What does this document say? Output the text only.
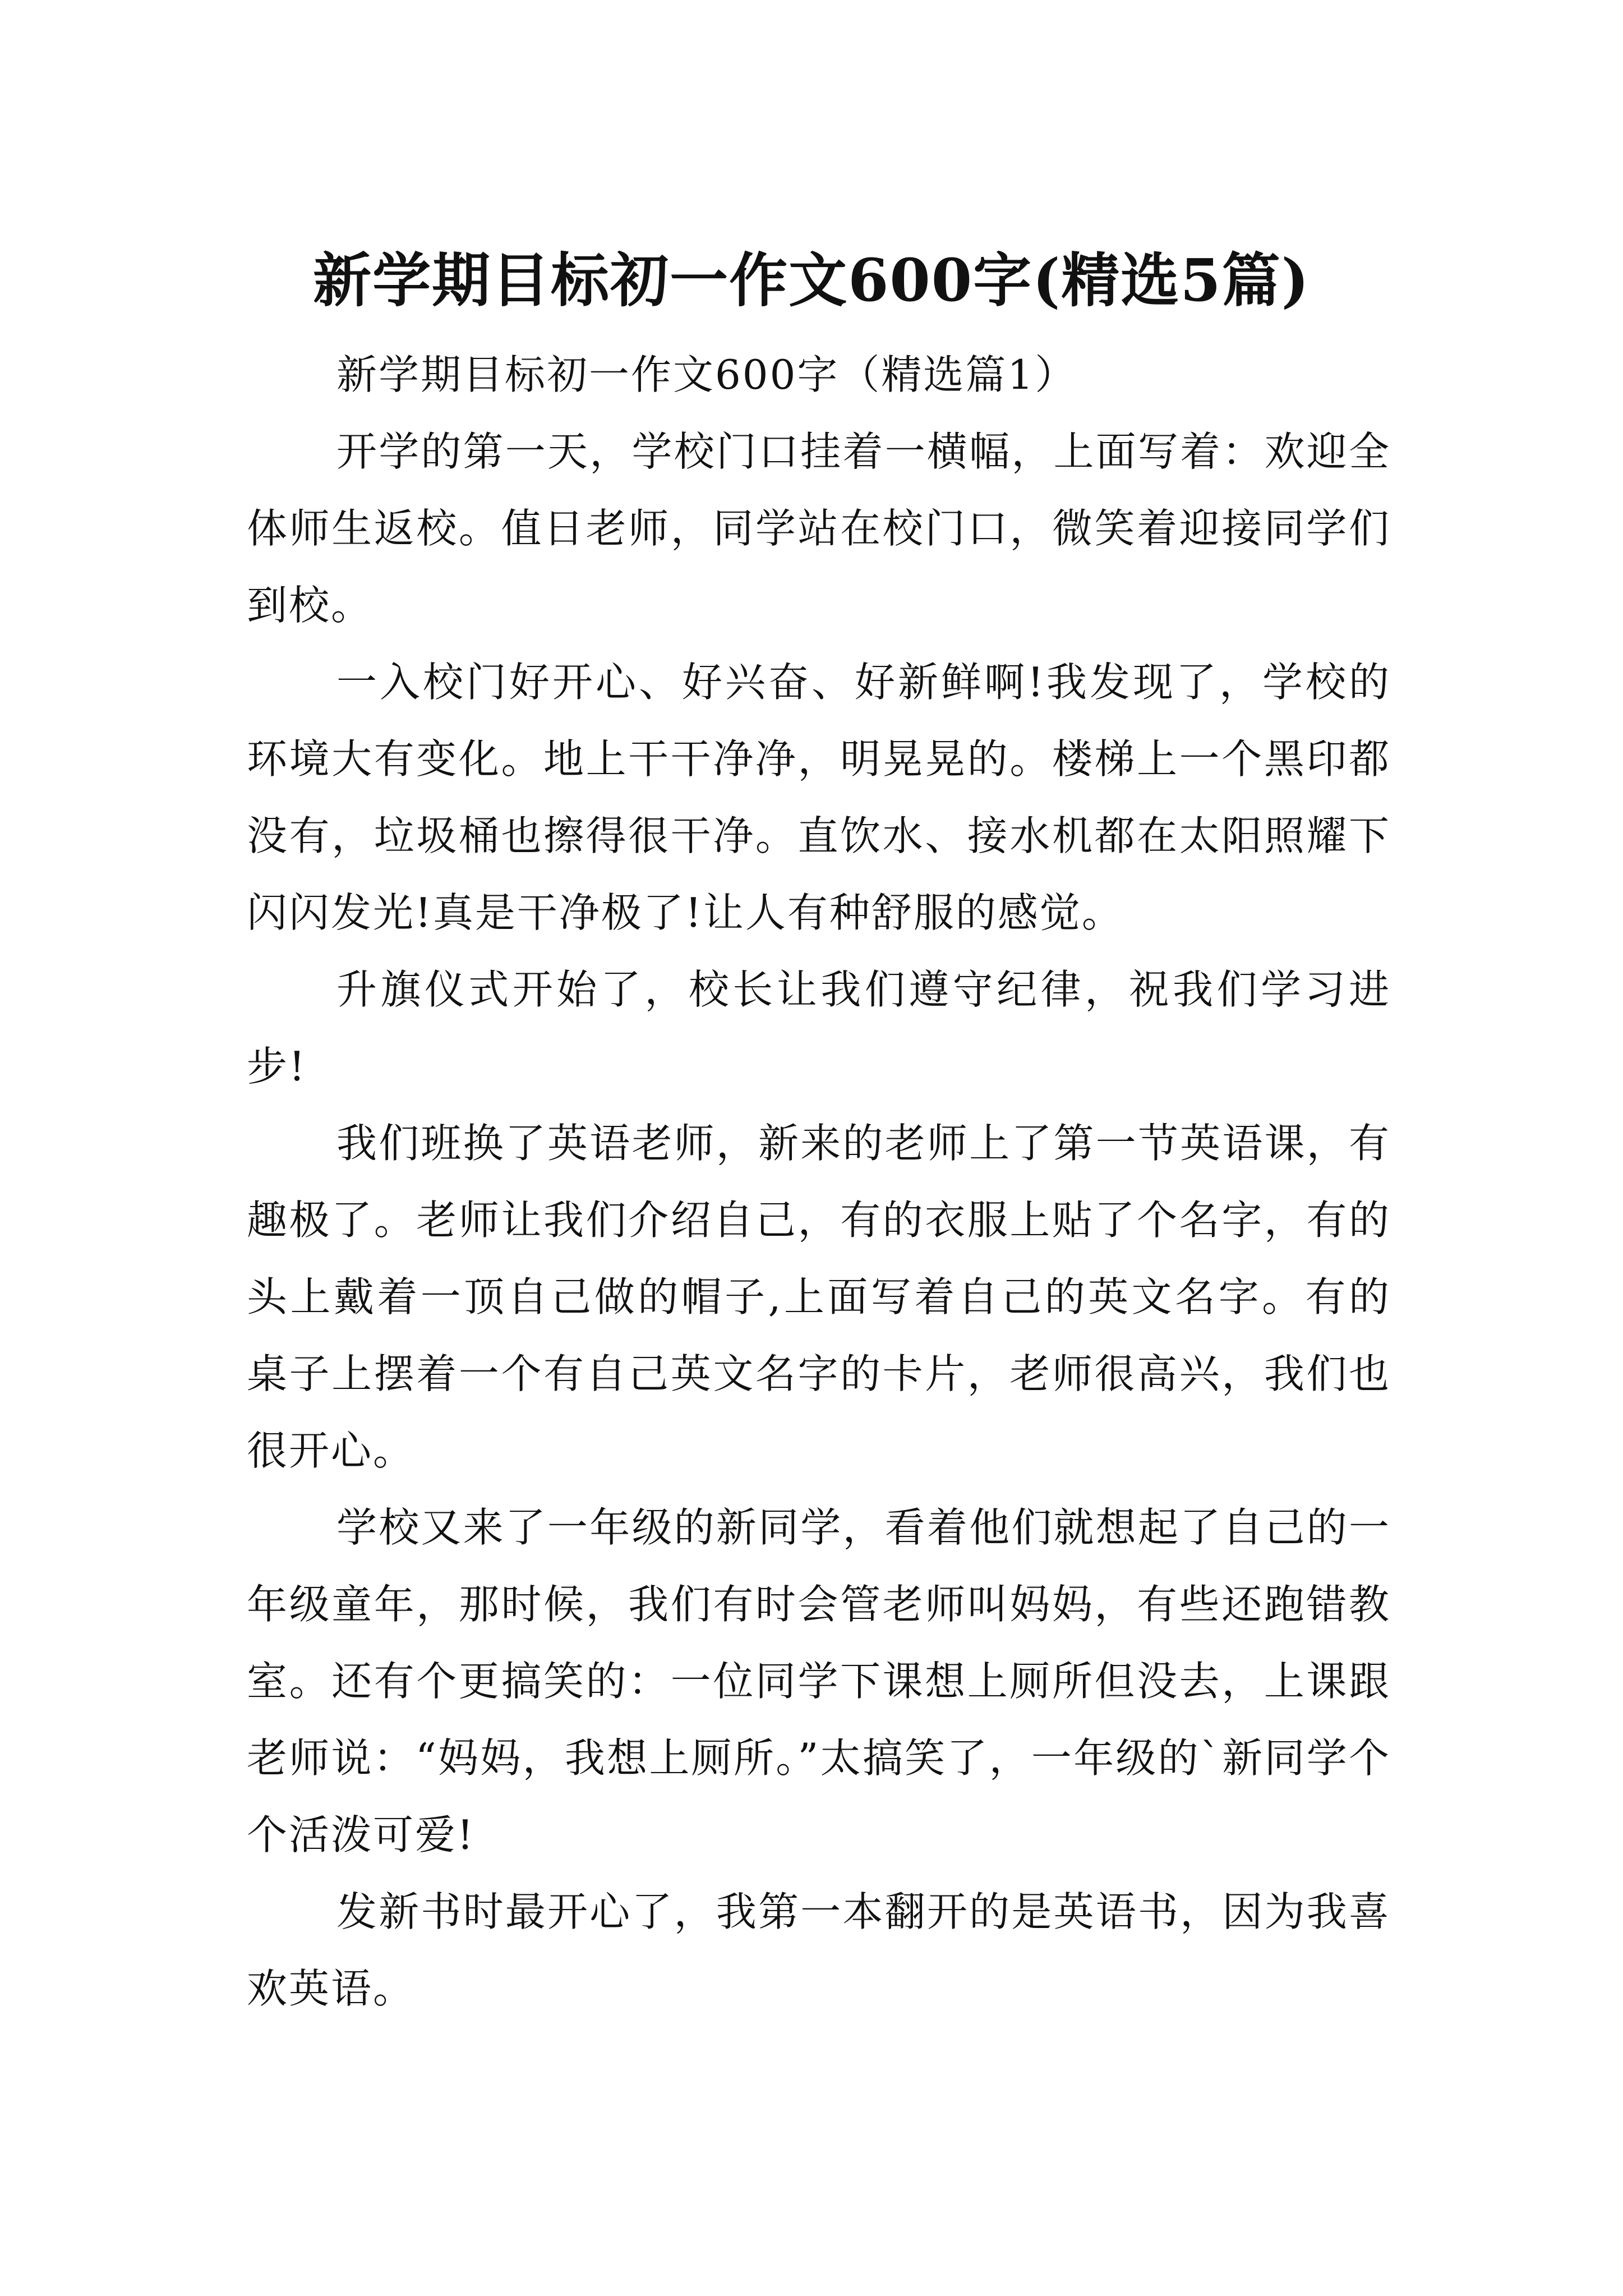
新学期目标初一作文600字(精选5篇)

新学期目标初一作文600字（精选篇1）

开学的第一天，学校门口挂着一横幅，上面写着：欢迎全体师生返校。值日老师，同学站在校门口，微笑着迎接同学们到校。

一入校门好开心、好兴奋、好新鲜啊!我发现了，学校的环境大有变化。地上干干净净，明晃晃的。楼梯上一个黑印都没有，垃圾桶也擦得很干净。直饮水、接水机都在太阳照耀下闪闪发光!真是干净极了!让人有种舒服的感觉。

升旗仪式开始了，校长让我们遵守纪律，祝我们学习进步!

我们班换了英语老师，新来的老师上了第一节英语课，有趣极了。老师让我们介绍自己，有的衣服上贴了个名字，有的头上戴着一顶自己做的帽子,上面写着自己的英文名字。有的桌子上摆着一个有自己英文名字的卡片，老师很高兴，我们也很开心。

学校又来了一年级的新同学，看着他们就想起了自己的一年级童年，那时候，我们有时会管老师叫妈妈，有些还跑错教室。还有个更搞笑的：一位同学下课想上厕所但没去，上课跟老师说：“妈妈，我想上厕所。”太搞笑了，一年级的`新同学个个活泼可爱!

发新书时最开心了，我第一本翻开的是英语书，因为我喜欢英语。
